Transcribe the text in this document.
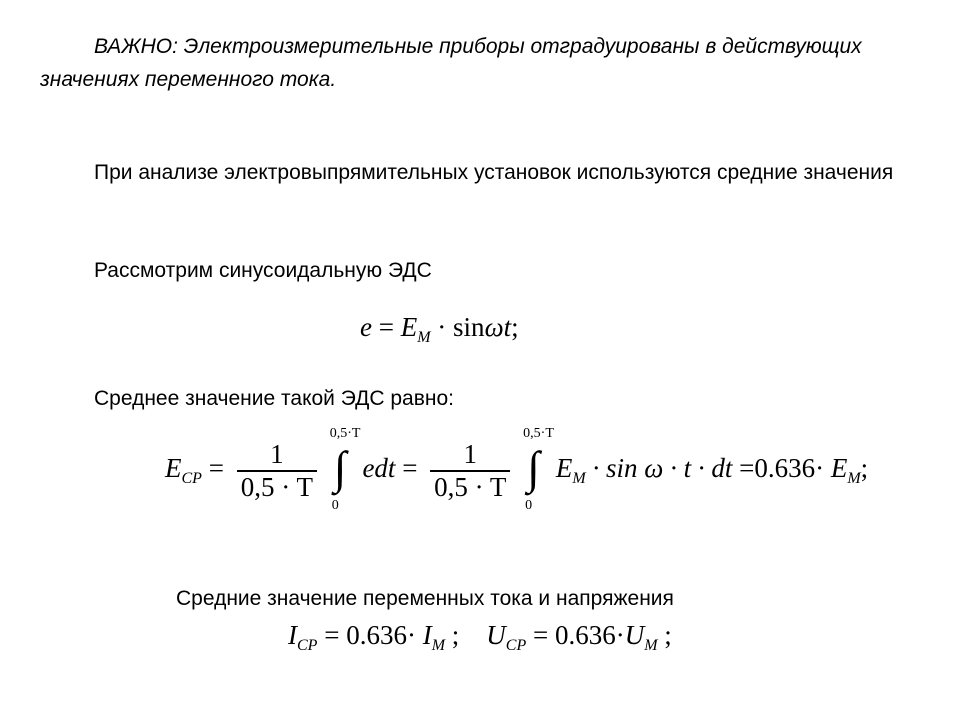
ВАЖНО: Электроизмерительные приборы отградуированы в действующих значениях переменного тока.
При анализе электровыпрямительных установок используются средние значения
Рассмотрим синусоидальную ЭДС
$e = E_M \cdot \sin\omega t$;
Среднее значение такой ЭДС равно:
$E_{CP} = \frac{1}{0,5 \cdot T}$

0,5·T
∫
0
edt = $\frac{1}{0,5 \cdot T}$

0,5·T
∫
0
$E_M \cdot \sin \omega \cdot t$ · dt $=0.636\cdot E_M$;
Средние значение переменных тока и напряжения
$I_{CP} = 0.636\cdot I_M$ ; $U_{CP} = 0.636\cdot U_M$ ;
